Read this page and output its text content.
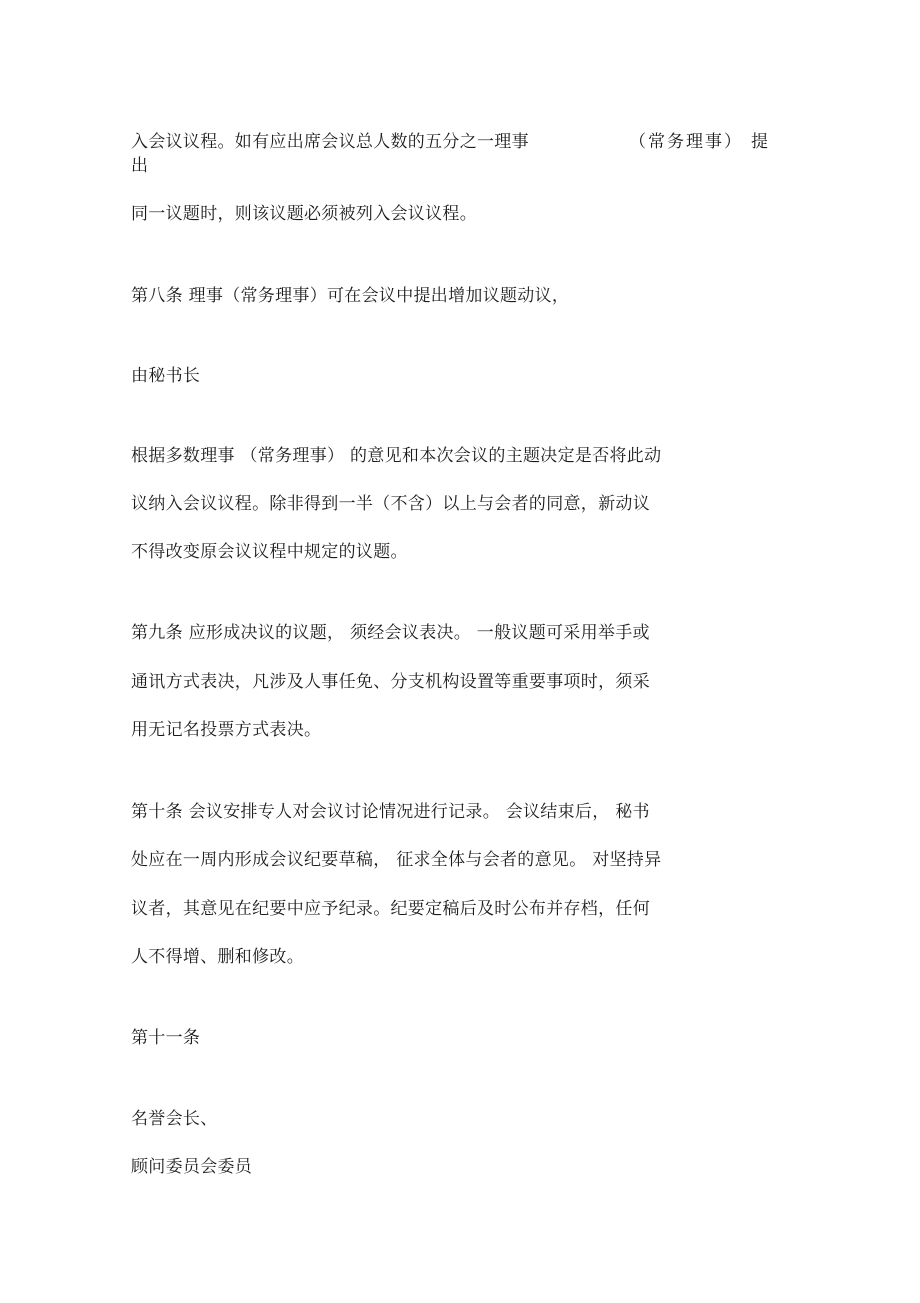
入会议议程。如有应出席会议总人数的五分之一理事	（常务理事） 提
出
同一议题时，则该议题必须被列入会议议程。
第八条 理事（常务理事）可在会议中提出增加议题动议，
由秘书长
根据多数理事 （常务理事） 的意见和本次会议的主题决定是否将此动
议纳入会议议程。除非得到一半（不含）以上与会者的同意，新动议
不得改变原会议议程中规定的议题。
第九条 应形成决议的议题， 须经会议表决。 一般议题可采用举手或
通讯方式表决，凡涉及人事任免、分支机构设置等重要事项时，须采
用无记名投票方式表决。
第十条 会议安排专人对会议讨论情况进行记录。 会议结束后， 秘书
处应在一周内形成会议纪要草稿， 征求全体与会者的意见。 对坚持异
议者，其意见在纪要中应予纪录。纪要定稿后及时公布并存档，任何
人不得增、删和修改。
第十一条
名誉会长、
顾问委员会委员
